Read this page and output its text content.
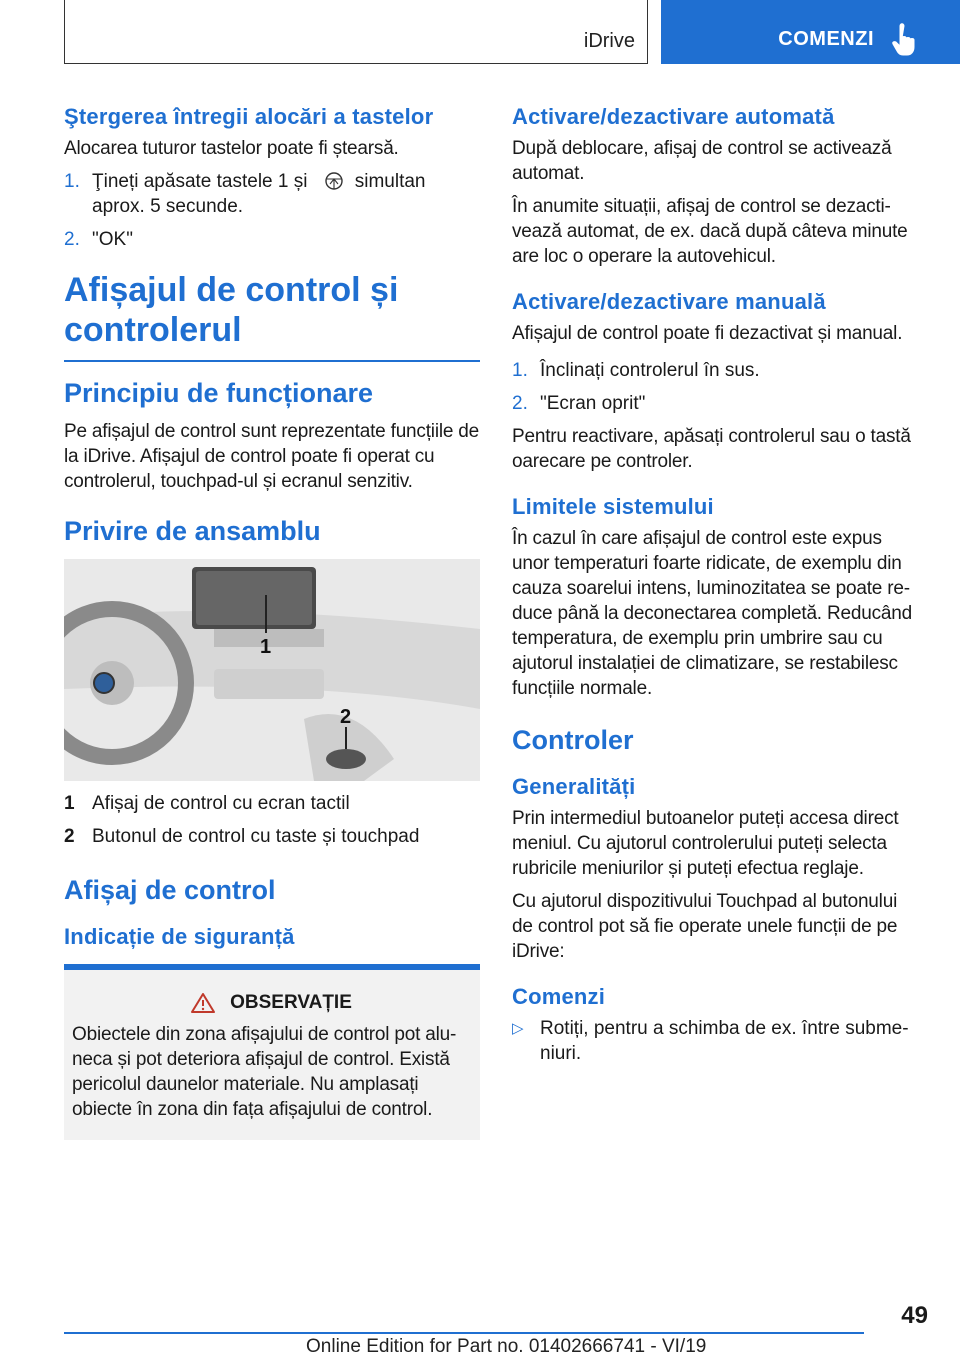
iDrive	COMENZI
Ştergerea întregii alocări a tastelor

Alocarea tuturor tastelor poate fi ștearsă.

1. Ţineți apăsate tastele 1 și simultan aprox. 5 secunde.
2. "OK"
Afișajul de control și controlerul
Principiu de funcționare

Pe afișajul de control sunt reprezentate funcțiile de la iDrive. Afișajul de control poate fi operat cu controlerul, touchpad-ul și ecranul senzitiv.

Privire de ansamblu
1
2
1 Afișaj de control cu ecran tactil
2 Butonul de control cu taste și touchpad
Afișaj de control
Indicație de siguranță
OBSERVAȚIE

Obiectele din zona afișajului de control pot aluneca și pot deteriora afișajul de control. Există pericolul daunelor materiale. Nu amplasați obiecte în zona din fața afișajului de control.

Activare/dezactivare automată

După deblocare, afișaj de control se activează automat.

În anumite situații, afișaj de control se dezactivează automat, de ex. dacă după câteva minute are loc o operare la autovehicul.

Activare/dezactivare manuală

Afișajul de control poate fi dezactivat și manual.

1. Înclinați controlerul în sus.
2. "Ecran oprit"

Pentru reactivare, apăsați controlerul sau o tastă oarecare pe controler.

Limitele sistemului

În cazul în care afișajul de control este expus unor temperaturi foarte ridicate, de exemplu din cauza soarelui intens, luminozitatea se poate reduce până la deconectarea completă. Reducând temperatura, de exemplu prin umbrire sau cu ajutorul instalației de climatizare, se restabilesc funcțiile normale.

Controler
Generalități

Prin intermediul butoanelor puteți accesa direct meniul. Cu ajutorul controlerului puteți selecta rubricile meniurilor și puteți efectua reglaje.

Cu ajutorul dispozitivului Touchpad al butonului de control pot să fie operate unele funcții de pe iDrive:

Comenzi
▷ Rotiți, pentru a schimba de ex. între submeniuri.
49
Online Edition for Part no. 01402666741 - VI/19
